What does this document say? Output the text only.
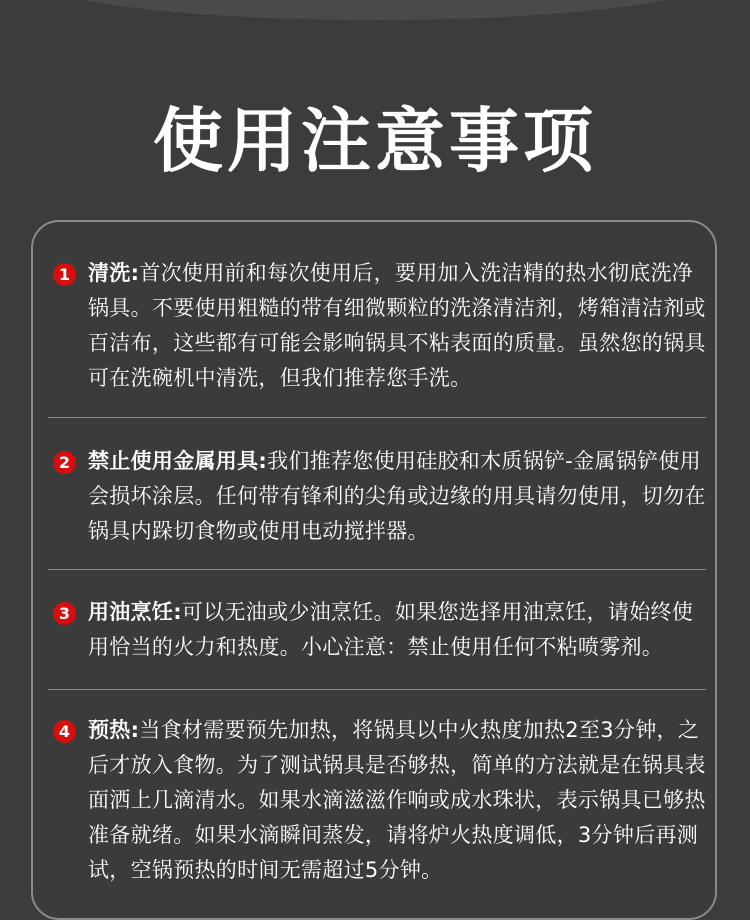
使用注意事项
1 清洗:首次使用前和每次使用后，要用加入洗洁精的热水彻底洗净锅具。不要使用粗糙的带有细微颗粒的洗涤清洁剂，烤箱清洁剂或百洁布，这些都有可能会影响锅具不粘表面的质量。虽然您的锅具可在洗碗机中清洗，但我们推荐您手洗。
2 禁止使用金属用具:我们推荐您使用硅胶和木质锅铲-金属锅铲使用会损坏涂层。任何带有锋利的尖角或边缘的用具请勿使用，切勿在锅具内跺切食物或使用电动搅拌器。
3 用油烹饪:可以无油或少油烹饪。如果您选择用油烹饪，请始终使用恰当的火力和热度。小心注意：禁止使用任何不粘喷雾剂。
4 预热:当食材需要预先加热，将锅具以中火热度加热2至3分钟，之后才放入食物。为了测试锅具是否够热，简单的方法就是在锅具表面洒上几滴清水。如果水滴滋滋作响或成水珠状，表示锅具已够热准备就绪。如果水滴瞬间蒸发，请将炉火热度调低，3分钟后再测试，空锅预热的时间无需超过5分钟。
